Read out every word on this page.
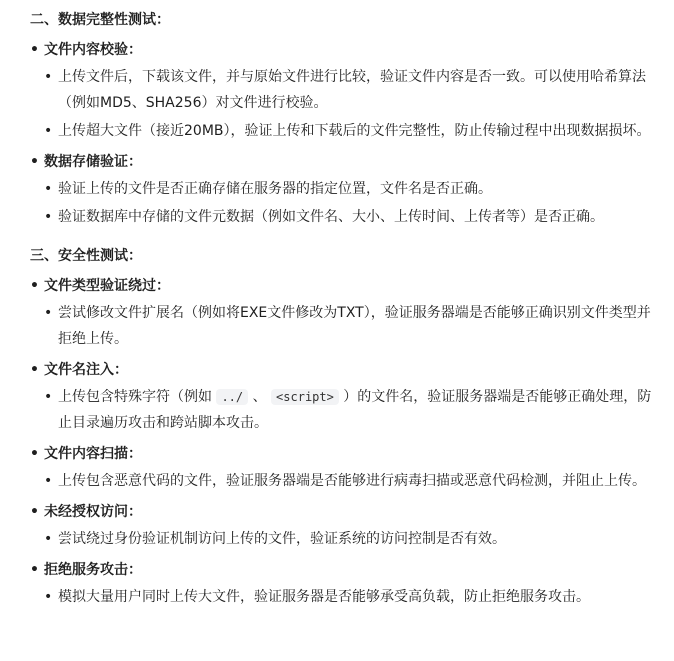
二、数据完整性测试：
• 文件内容校验：
• 上传文件后，下载该文件，并与原始文件进行比较，验证文件内容是否一致。可以使用哈希算法（例如MD5、SHA256）对文件进行校验。
• 上传超大文件（接近20MB），验证上传和下载后的文件完整性，防止传输过程中出现数据损坏。
• 数据存储验证：
• 验证上传的文件是否正确存储在服务器的指定位置，文件名是否正确。
• 验证数据库中存储的文件元数据（例如文件名、大小、上传时间、上传者等）是否正确。
三、安全性测试：
• 文件类型验证绕过：
• 尝试修改文件扩展名（例如将EXE文件修改为TXT），验证服务器端是否能够正确识别文件类型并拒绝上传。
• 文件名注入：
• 上传包含特殊字符（例如 ../ 、 <script> ）的文件名，验证服务器端是否能够正确处理，防止目录遍历攻击和跨站脚本攻击。
• 文件内容扫描：
• 上传包含恶意代码的文件，验证服务器端是否能够进行病毒扫描或恶意代码检测，并阻止上传。
• 未经授权访问：
• 尝试绕过身份验证机制访问上传的文件，验证系统的访问控制是否有效。
• 拒绝服务攻击：
• 模拟大量用户同时上传大文件，验证服务器是否能够承受高负载，防止拒绝服务攻击。
